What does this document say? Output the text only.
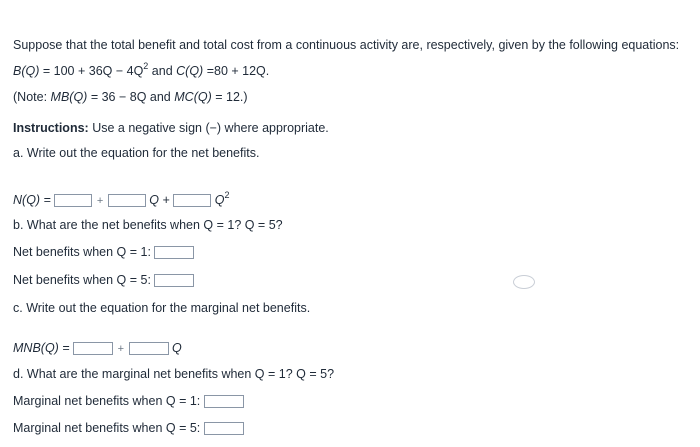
Suppose that the total benefit and total cost from a continuous activity are, respectively, given by the following equations:
$B(Q) = 100 + 36Q - 4Q^2$ and C(Q) =80 + 12Q.
(Note: MB(Q) = 36 − 8Q and MC(Q) = 12.)
Instructions: Use a negative sign (−) where appropriate.
a. Write out the equation for the net benefits.
N(Q) =	+	Q +	$Q^2$
b. What are the net benefits when Q = 1? Q = 5?
Net benefits when Q = 1:
Net benefits when Q = 5:
c. Write out the equation for the marginal net benefits.
MNB(Q) =	+	Q
d. What are the marginal net benefits when Q = 1? Q = 5?
Marginal net benefits when Q = 1:
Marginal net benefits when Q = 5:
